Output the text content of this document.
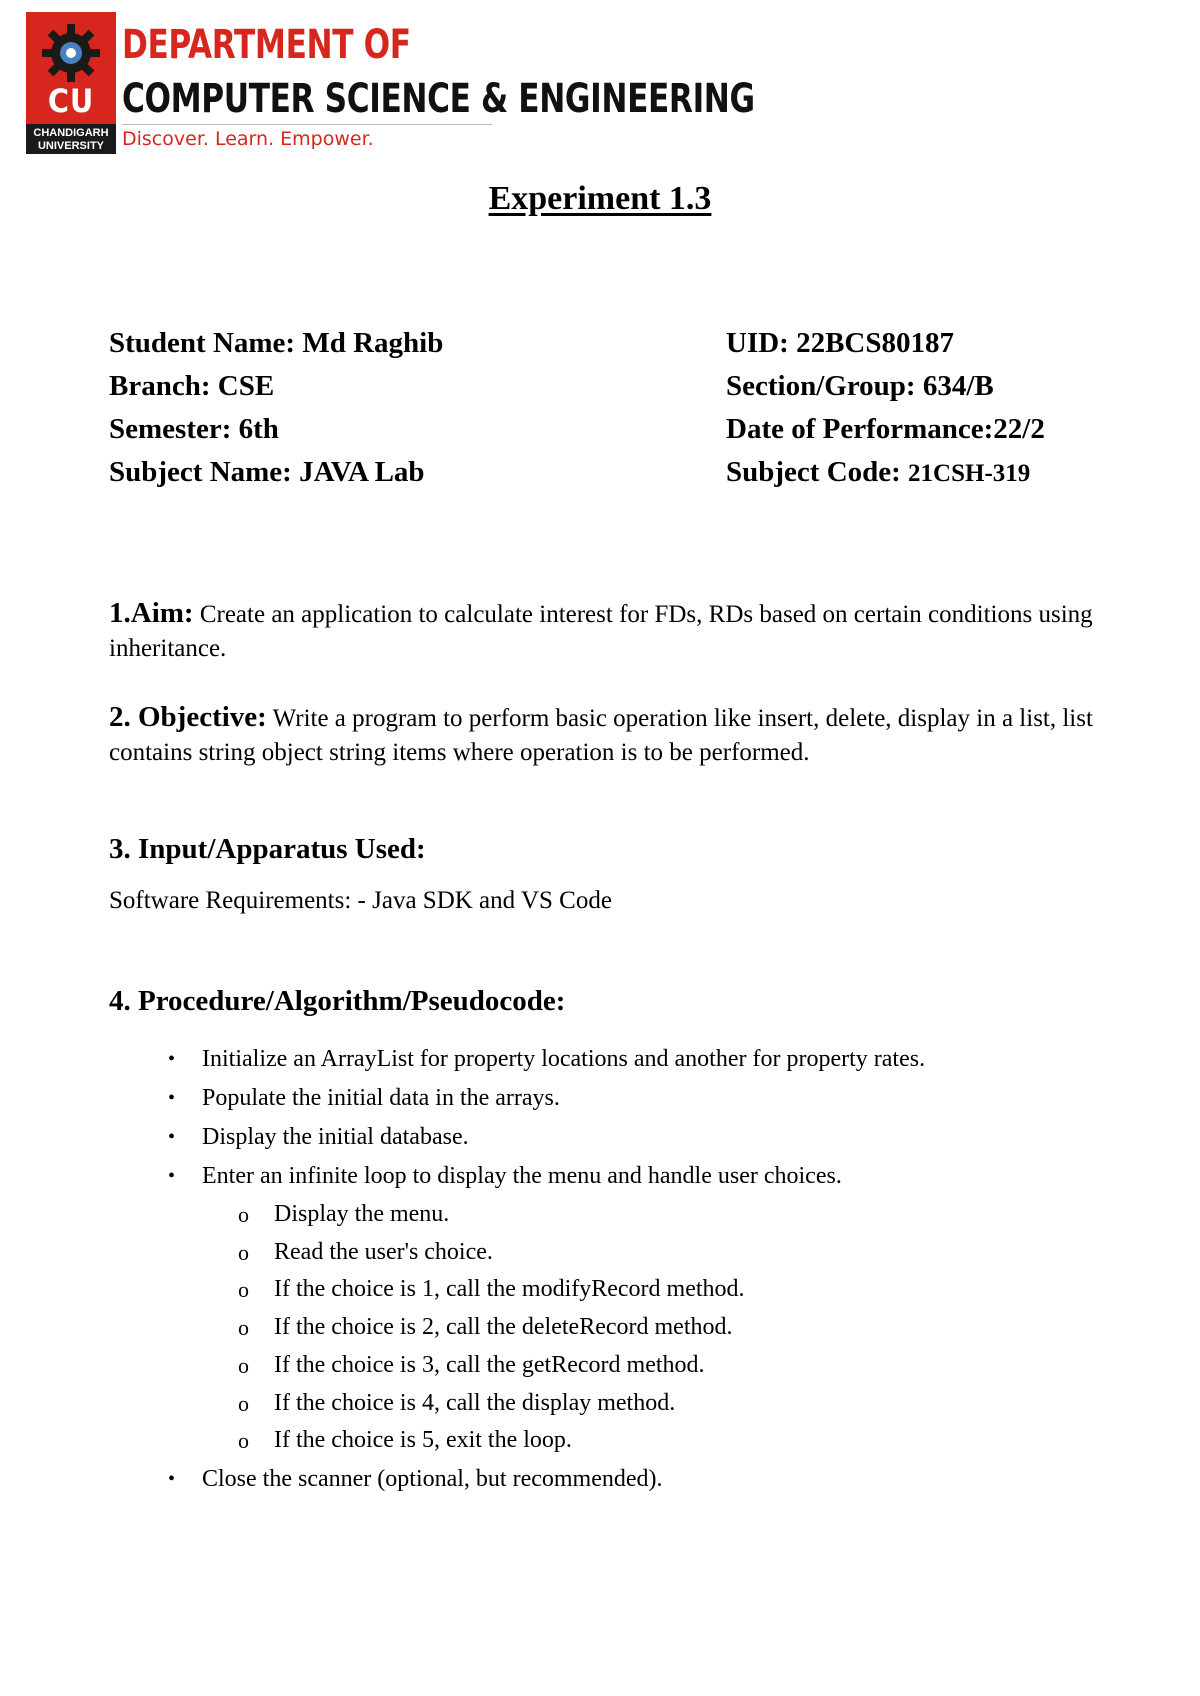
CU
CHANDIGARH
UNIVERSITY
DEPARTMENT OF
COMPUTER SCIENCE & ENGINEERING
Discover. Learn. Empower.
Experiment 1.3
Student Name: Md Raghib
Branch: CSE
Semester: 6th
Subject Name: JAVA Lab
UID: 22BCS80187
Section/Group: 634/B
Date of Performance:22/2
Subject Code: 21CSH-319
1.Aim: Create an application to calculate interest for FDs, RDs based on certain conditions using inheritance.
2. Objective: Write a program to perform basic operation like insert, delete, display in a list, list contains string object string items where operation is to be performed.
3. Input/Apparatus Used:
Software Requirements: - Java SDK and VS Code
4. Procedure/Algorithm/Pseudocode:
• Initialize an ArrayList for property locations and another for property rates.
• Populate the initial data in the arrays.
• Display the initial database.
• Enter an infinite loop to display the menu and handle user choices.
o Display the menu.
o Read the user's choice.
o If the choice is 1, call the modifyRecord method.
o If the choice is 2, call the deleteRecord method.
o If the choice is 3, call the getRecord method.
o If the choice is 4, call the display method.
o If the choice is 5, exit the loop.
• Close the scanner (optional, but recommended).
